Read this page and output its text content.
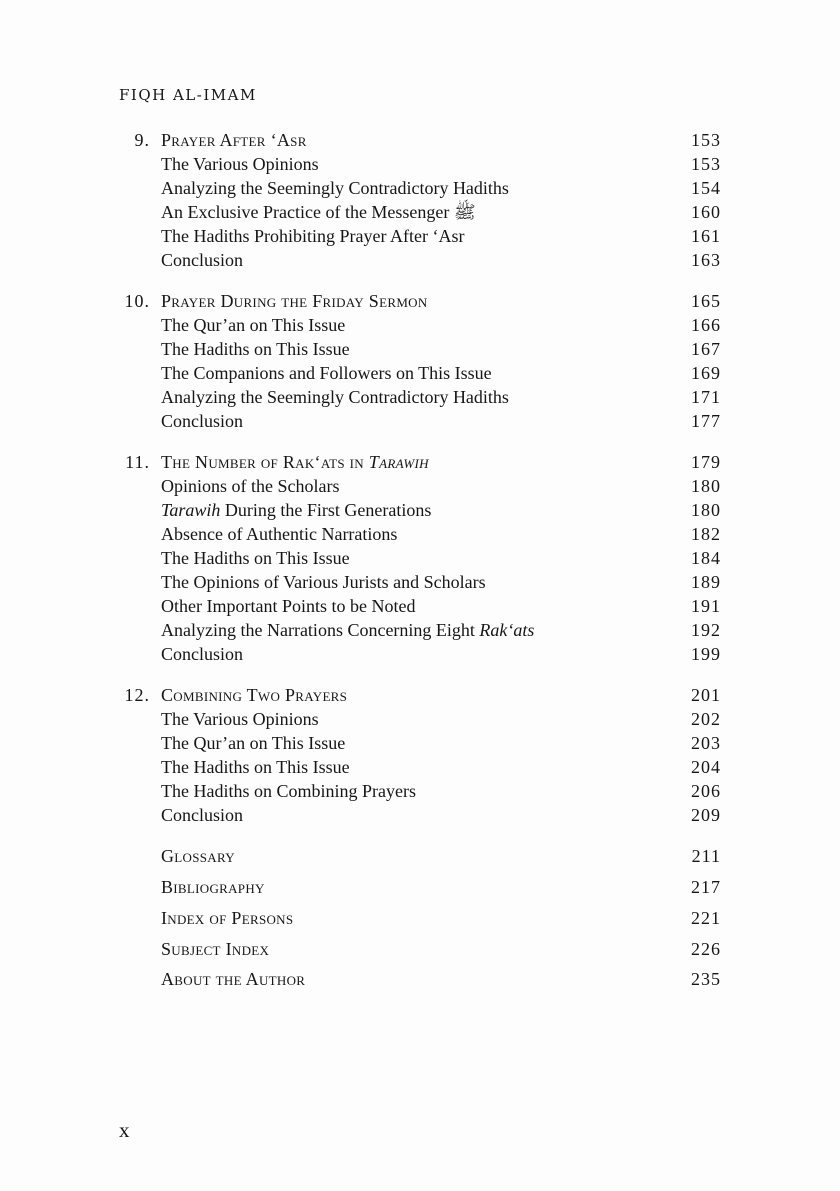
FIQH AL-IMAM
9. Prayer After ‘Asr	153
The Various Opinions	153
Analyzing the Seemingly Contradictory Hadiths	154
An Exclusive Practice of the Messenger ﷺ	160
The Hadiths Prohibiting Prayer After ‘Asr	161
Conclusion	163
10. Prayer During the Friday Sermon	165
The Qur’an on This Issue	166
The Hadiths on This Issue	167
The Companions and Followers on This Issue	169
Analyzing the Seemingly Contradictory Hadiths	171
Conclusion	177
11. The Number of Rak‘ats in Tarawih	179
Opinions of the Scholars	180
Tarawih During the First Generations	180
Absence of Authentic Narrations	182
The Hadiths on This Issue	184
The Opinions of Various Jurists and Scholars	189
Other Important Points to be Noted	191
Analyzing the Narrations Concerning Eight Rak‘ats	192
Conclusion	199
12. Combining Two Prayers	201
The Various Opinions	202
The Qur’an on This Issue	203
The Hadiths on This Issue	204
The Hadiths on Combining Prayers	206
Conclusion	209
Glossary	211
Bibliography	217
Index of Persons	221
Subject Index	226
About the Author	235
x
